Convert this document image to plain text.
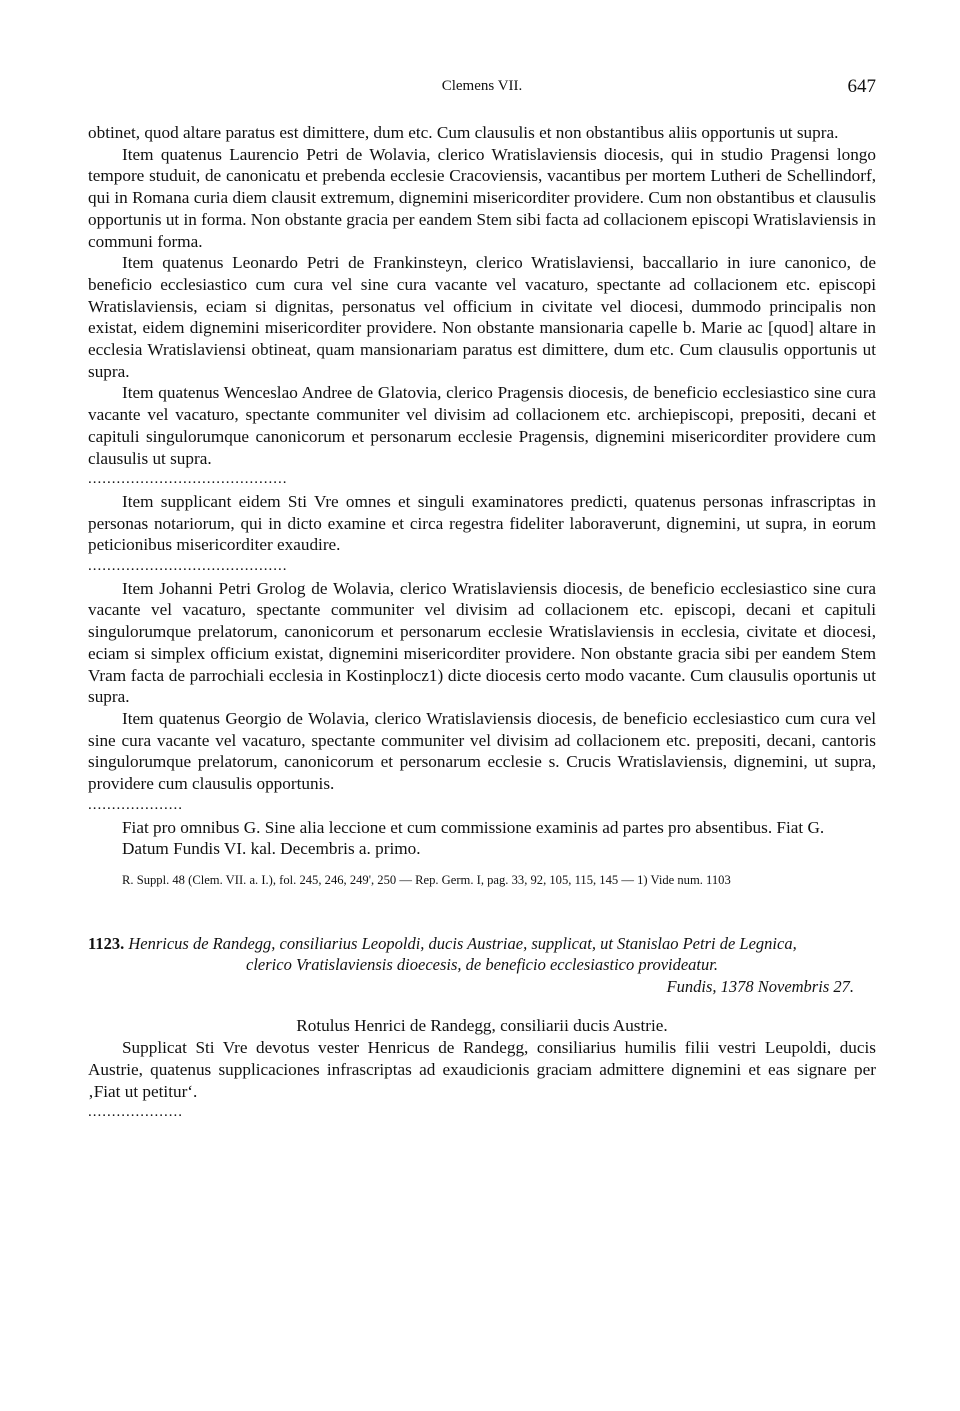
Clemens VII.	647

obtinet, quod altare paratus est dimittere, dum etc. Cum clausulis et non obstantibus aliis opportunis ut supra.

Item quatenus Laurencio Petri de Wolavia, clerico Wratislaviensis diocesis, qui in studio Pragensi longo tempore studuit, de canonicatu et prebenda ecclesie Cracoviensis, vacantibus per mortem Lutheri de Schellindorf, qui in Romana curia diem clausit extremum, dignemini misericorditer providere. Cum non obstantibus et clausulis opportunis ut in forma. Non obstante gracia per eandem Stem sibi facta ad collacionem episcopi Wratislaviensis in communi forma.

Item quatenus Leonardo Petri de Frankinsteyn, clerico Wratislaviensi, baccallario in iure canonico, de beneficio ecclesiastico cum cura vel sine cura vacante vel vacaturo, spectante ad collacionem etc. episcopi Wratislaviensis, eciam si dignitas, personatus vel officium in civitate vel diocesi, dummodo principalis non existat, eidem dignemini misericorditer providere. Non obstante mansionaria capelle b. Marie ac [quod] altare in ecclesia Wratislaviensi obtineat, quam mansionariam paratus est dimittere, dum etc. Cum clausulis opportunis ut supra.

Item quatenus Wenceslao Andree de Glatovia, clerico Pragensis diocesis, de beneficio ecclesiastico sine cura vacante vel vacaturo, spectante communiter vel divisim ad collacionem etc. archiepiscopi, prepositi, decani et capituli singulorumque canonicorum et personarum ecclesie Pragensis, dignemini misericorditer providere cum clausulis ut supra.

..........................................

Item supplicant eidem Sti Vre omnes et singuli examinatores predicti, quatenus personas infrascriptas in personas notariorum, qui in dicto examine et circa regestra fideliter laboraverunt, dignemini, ut supra, in eorum peticionibus misericorditer exaudire.

..........................................

Item Johanni Petri Grolog de Wolavia, clerico Wratislaviensis diocesis, de beneficio ecclesiastico sine cura vacante vel vacaturo, spectante communiter vel divisim ad collacionem etc. episcopi, decani et capituli singulorumque prelatorum, canonicorum et personarum ecclesie Wratislaviensis in ecclesia, civitate et diocesi, eciam si simplex officium existat, dignemini misericorditer providere. Non obstante gracia sibi per eandem Stem Vram facta de parrochiali ecclesia in Kostinplocz1) dicte diocesis certo modo vacante. Cum clausulis oportunis ut supra.

Item quatenus Georgio de Wolavia, clerico Wratislaviensis diocesis, de beneficio ecclesiastico cum cura vel sine cura vacante vel vacaturo, spectante communiter vel divisim ad collacionem etc. prepositi, decani, cantoris singulorumque prelatorum, canonicorum et personarum ecclesie s. Crucis Wratislaviensis, dignemini, ut supra, providere cum clausulis opportunis.

....................

Fiat pro omnibus G. Sine alia leccione et cum commissione examinis ad partes pro absentibus. Fiat G.

Datum Fundis VI. kal. Decembris a. primo.

R. Suppl. 48 (Clem. VII. a. I.), fol. 245, 246, 249', 250 — Rep. Germ. I, pag. 33, 92, 105, 115, 145 — 1) Vide num. 1103

1123. Henricus de Randegg, consiliarius Leopoldi, ducis Austriae, supplicat, ut Stanislao Petri de Legnica,

clerico Vratislaviensis dioecesis, de beneficio ecclesiastico provideatur.

Fundis, 1378 Novembris 27.

Rotulus Henrici de Randegg, consiliarii ducis Austrie.

Supplicat Sti Vre devotus vester Henricus de Randegg, consiliarius humilis filii vestri Leupoldi, ducis Austrie, quatenus supplicaciones infrascriptas ad exaudicionis graciam admittere dignemini et eas signare per ‚Fiat ut petitur‘.

....................
